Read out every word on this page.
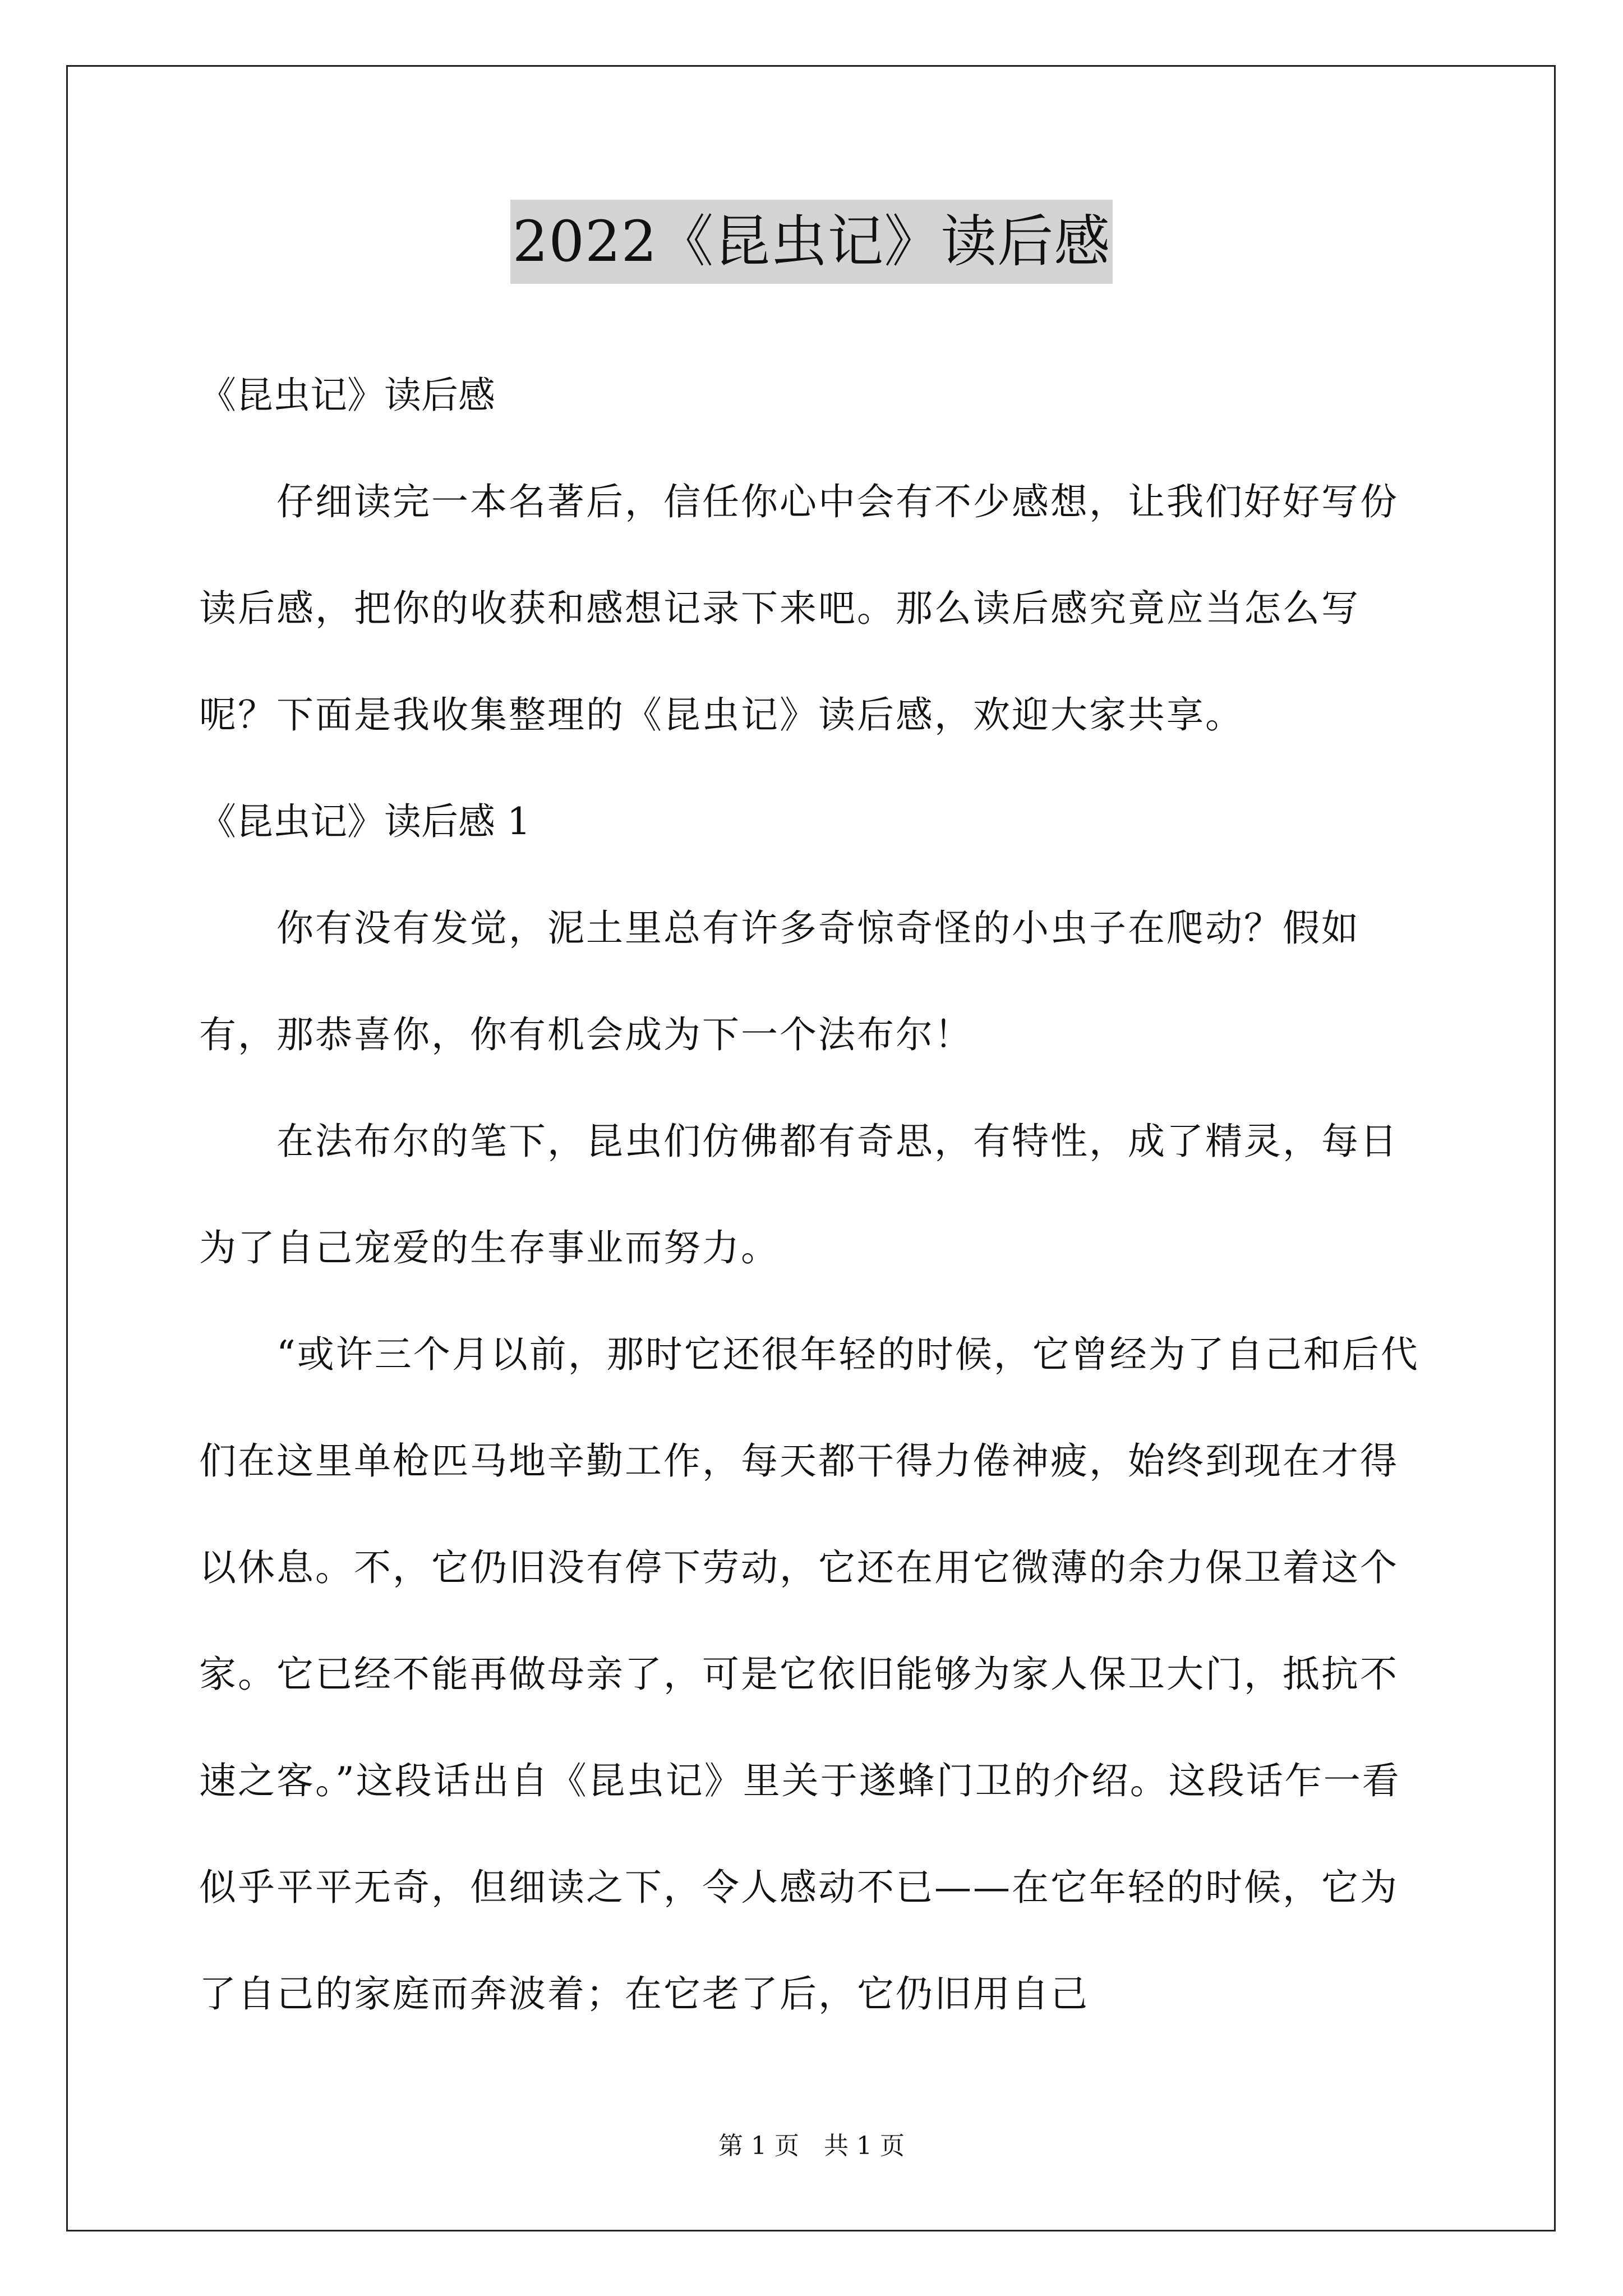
2022《昆虫记》读后感

《昆虫记》读后感

仔细读完一本名著后，信任你心中会有不少感想，让我们好好写份读后感，把你的收获和感想记录下来吧。那么读后感究竟应当怎么写呢？下面是我收集整理的《昆虫记》读后感，欢迎大家共享。

《昆虫记》读后感 1

你有没有发觉，泥土里总有许多奇惊奇怪的小虫子在爬动？假如有，那恭喜你，你有机会成为下一个法布尔！

在法布尔的笔下，昆虫们仿佛都有奇思，有特性，成了精灵，每日为了自己宠爱的生存事业而努力。

“或许三个月以前，那时它还很年轻的时候，它曾经为了自己和后代们在这里单枪匹马地辛勤工作，每天都干得力倦神疲，始终到现在才得以休息。不，它仍旧没有停下劳动，它还在用它微薄的余力保卫着这个家。它已经不能再做母亲了，可是它依旧能够为家人保卫大门，抵抗不速之客。”这段话出自《昆虫记》里关于遂蜂门卫的介绍。这段话乍一看似乎平平无奇，但细读之下，令人感动不已——在它年轻的时候，它为了自己的家庭而奔波着；在它老了后，它仍旧用自己

第 1 页　共 1 页
